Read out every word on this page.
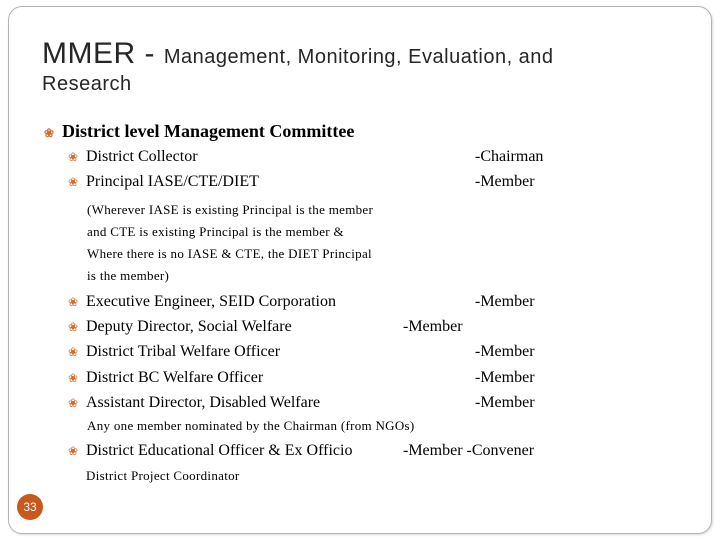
MMER - Management, Monitoring, Evaluation, and
Research
❀ District level Management Committee
❀ District Collector	-Chairman
❀ Principal IASE/CTE/DIET	-Member
(Wherever IASE is existing Principal is the member
and CTE is existing Principal is the member &
Where there is no IASE & CTE, the DIET Principal
is the member)
❀ Executive Engineer, SEID Corporation	-Member
❀ Deputy Director, Social Welfare	-Member
❀ District Tribal Welfare Officer	-Member
❀ District BC Welfare Officer	-Member
❀ Assistant Director, Disabled Welfare	-Member
Any one member nominated by the Chairman (from NGOs)
❀ District Educational Officer & Ex Officio	-Member -Convener
District Project Coordinator
33
